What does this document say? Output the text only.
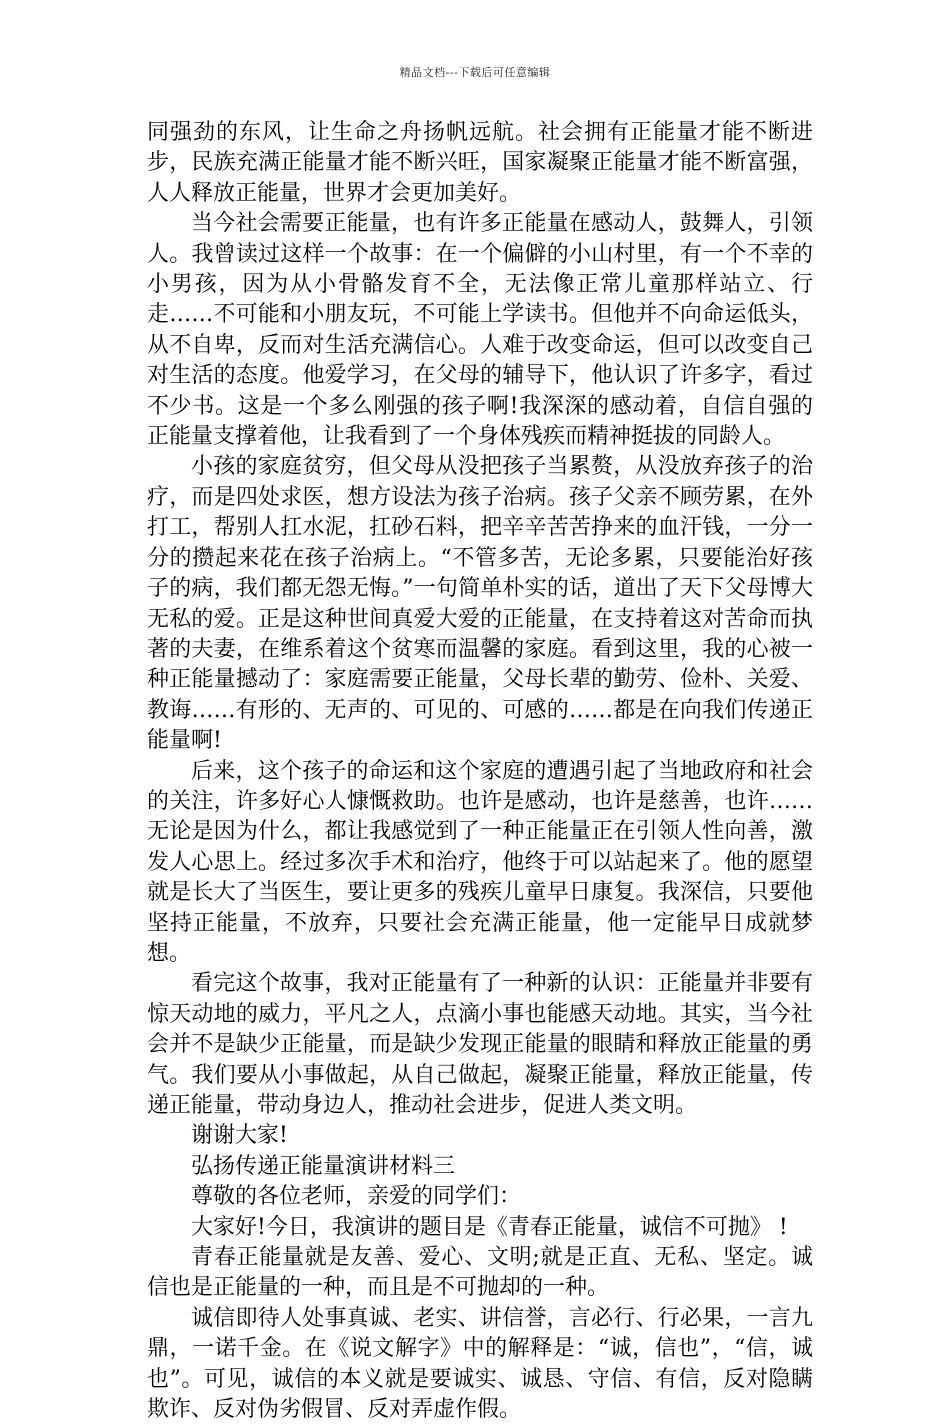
精品文档---下载后可任意编辑

同强劲的东风，让生命之舟扬帆远航。社会拥有正能量才能不断进步，民族充满正能量才能不断兴旺，国家凝聚正能量才能不断富强，人人释放正能量，世界才会更加美好。

当今社会需要正能量，也有许多正能量在感动人，鼓舞人，引领人。我曾读过这样一个故事：在一个偏僻的小山村里，有一个不幸的小男孩，因为从小骨骼发育不全，无法像正常儿童那样站立、行走……不可能和小朋友玩，不可能上学读书。但他并不向命运低头，从不自卑，反而对生活充满信心。人难于改变命运，但可以改变自己对生活的态度。他爱学习，在父母的辅导下，他认识了许多字，看过不少书。这是一个多么刚强的孩子啊!我深深的感动着，自信自强的正能量支撑着他，让我看到了一个身体残疾而精神挺拔的同龄人。

小孩的家庭贫穷，但父母从没把孩子当累赘，从没放弃孩子的治疗，而是四处求医，想方设法为孩子治病。孩子父亲不顾劳累，在外打工，帮别人扛水泥，扛砂石料，把辛辛苦苦挣来的血汗钱，一分一分的攒起来花在孩子治病上。“不管多苦，无论多累，只要能治好孩子的病，我们都无怨无悔。”一句简单朴实的话，道出了天下父母博大无私的爱。正是这种世间真爱大爱的正能量，在支持着这对苦命而执著的夫妻，在维系着这个贫寒而温馨的家庭。看到这里，我的心被一种正能量撼动了：家庭需要正能量，父母长辈的勤劳、俭朴、关爱、教诲……有形的、无声的、可见的、可感的……都是在向我们传递正能量啊!

后来，这个孩子的命运和这个家庭的遭遇引起了当地政府和社会的关注，许多好心人慷慨救助。也许是感动，也许是慈善，也许……无论是因为什么，都让我感觉到了一种正能量正在引领人性向善，激发人心思上。经过多次手术和治疗，他终于可以站起来了。他的愿望就是长大了当医生，要让更多的残疾儿童早日康复。我深信，只要他坚持正能量，不放弃，只要社会充满正能量，他一定能早日成就梦想。

看完这个故事，我对正能量有了一种新的认识：正能量并非要有惊天动地的威力，平凡之人，点滴小事也能感天动地。其实，当今社会并不是缺少正能量，而是缺少发现正能量的眼睛和释放正能量的勇气。我们要从小事做起，从自己做起，凝聚正能量，释放正能量，传递正能量，带动身边人，推动社会进步，促进人类文明。

谢谢大家!

弘扬传递正能量演讲材料三

尊敬的各位老师，亲爱的同学们：

大家好!今日，我演讲的题目是《青春正能量，诚信不可抛》 !

青春正能量就是友善、爱心、文明;就是正直、无私、坚定。诚信也是正能量的一种，而且是不可抛却的一种。

诚信即待人处事真诚、老实、讲信誉，言必行、行必果，一言九鼎，一诺千金。在《说文解字》中的解释是：“诚，信也”，“信，诚也”。可见，诚信的本义就是要诚实、诚恳、守信、有信，反对隐瞒欺诈、反对伪劣假冒、反对弄虚作假。
